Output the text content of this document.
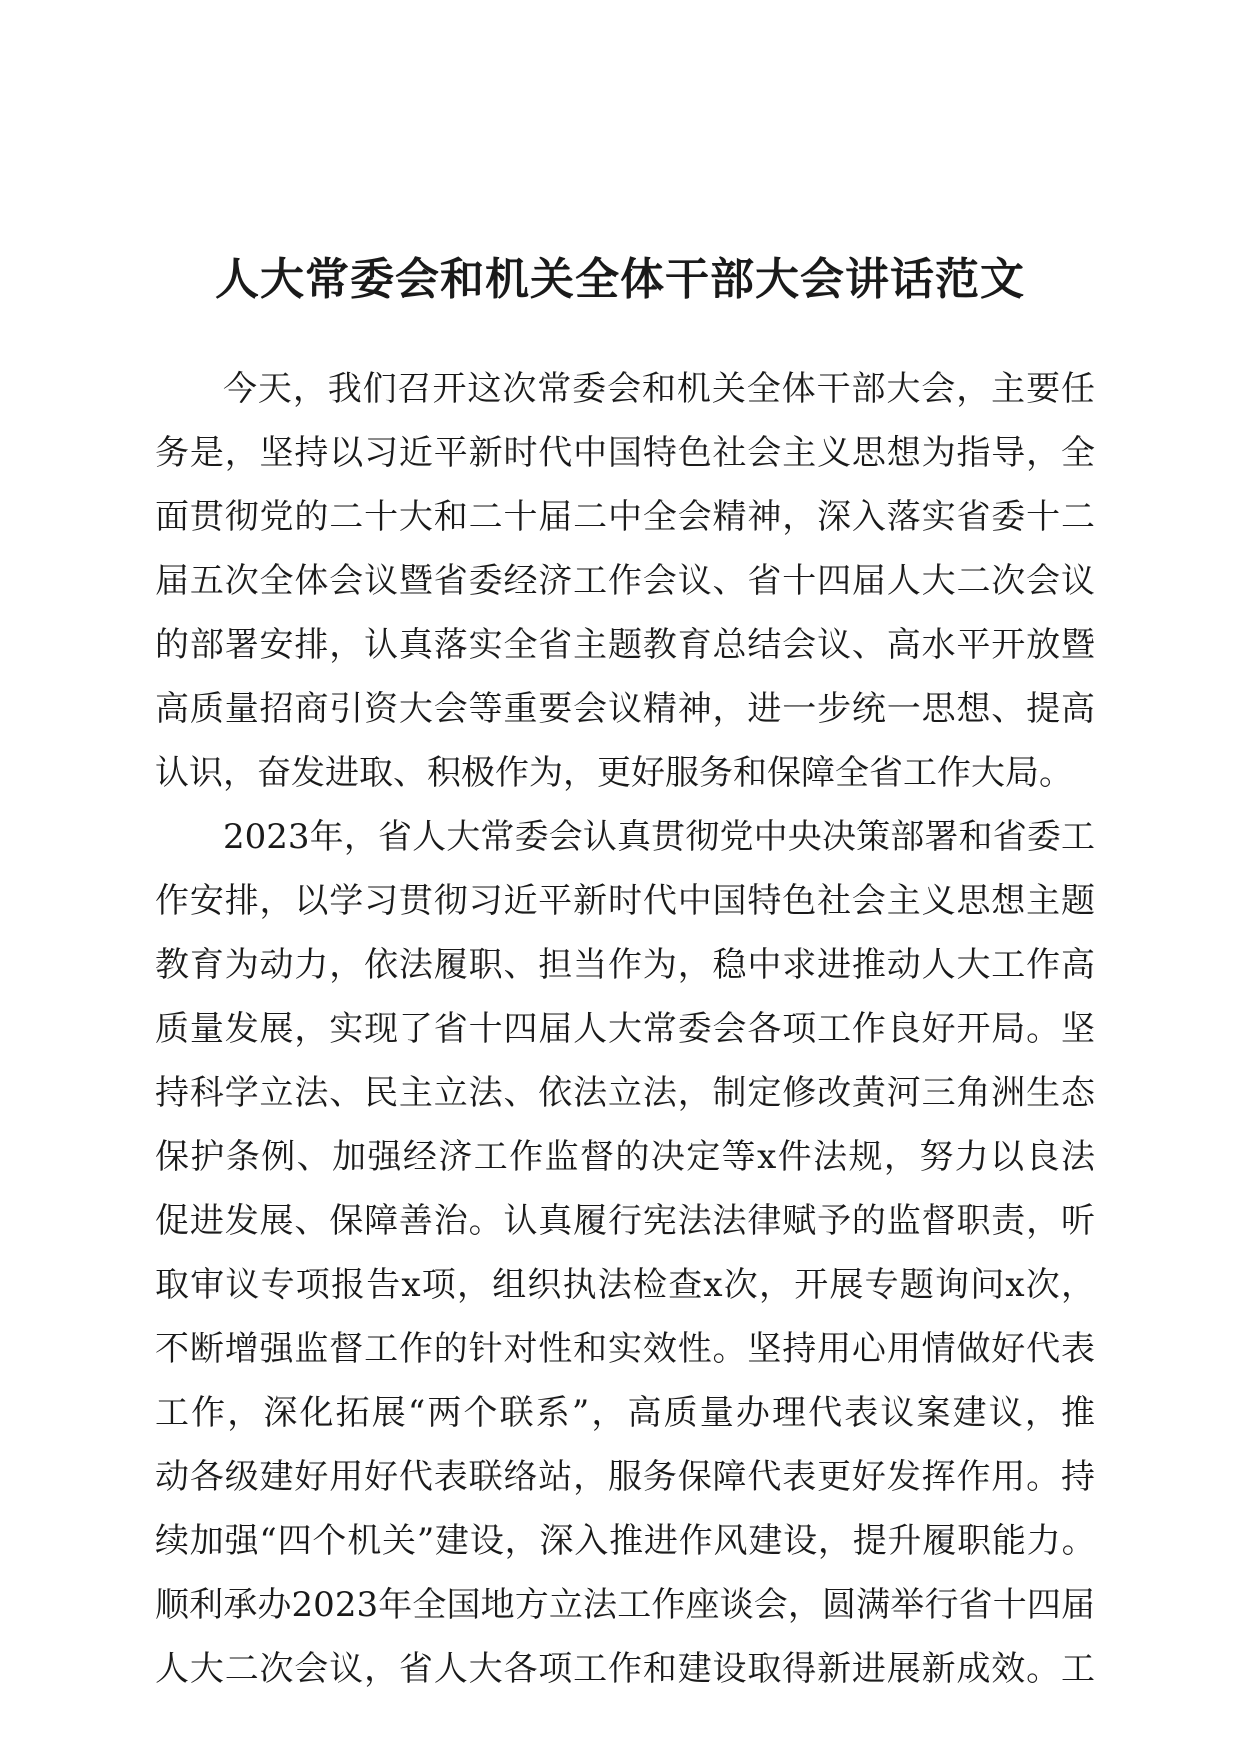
人大常委会和机关全体干部大会讲话范文
今天，我们召开这次常委会和机关全体干部大会，主要任
务是，坚持以习近平新时代中国特色社会主义思想为指导，全
面贯彻党的二十大和二十届二中全会精神，深入落实省委十二
届五次全体会议暨省委经济工作会议、省十四届人大二次会议
的部署安排，认真落实全省主题教育总结会议、高水平开放暨
高质量招商引资大会等重要会议精神，进一步统一思想、提高
认识，奋发进取、积极作为，更好服务和保障全省工作大局。
2023年，省人大常委会认真贯彻党中央决策部署和省委工
作安排，以学习贯彻习近平新时代中国特色社会主义思想主题
教育为动力，依法履职、担当作为，稳中求进推动人大工作高
质量发展，实现了省十四届人大常委会各项工作良好开局。坚
持科学立法、民主立法、依法立法，制定修改黄河三角洲生态
保护条例、加强经济工作监督的决定等x件法规，努力以良法
促进发展、保障善治。认真履行宪法法律赋予的监督职责，听
取审议专项报告x项，组织执法检查x次，开展专题询问x次，
不断增强监督工作的针对性和实效性。坚持用心用情做好代表
工作，深化拓展“两个联系”，高质量办理代表议案建议，推
动各级建好用好代表联络站，服务保障代表更好发挥作用。持
续加强“四个机关”建设，深入推进作风建设，提升履职能力。
顺利承办2023年全国地方立法工作座谈会，圆满举行省十四届
人大二次会议，省人大各项工作和建设取得新进展新成效。工
